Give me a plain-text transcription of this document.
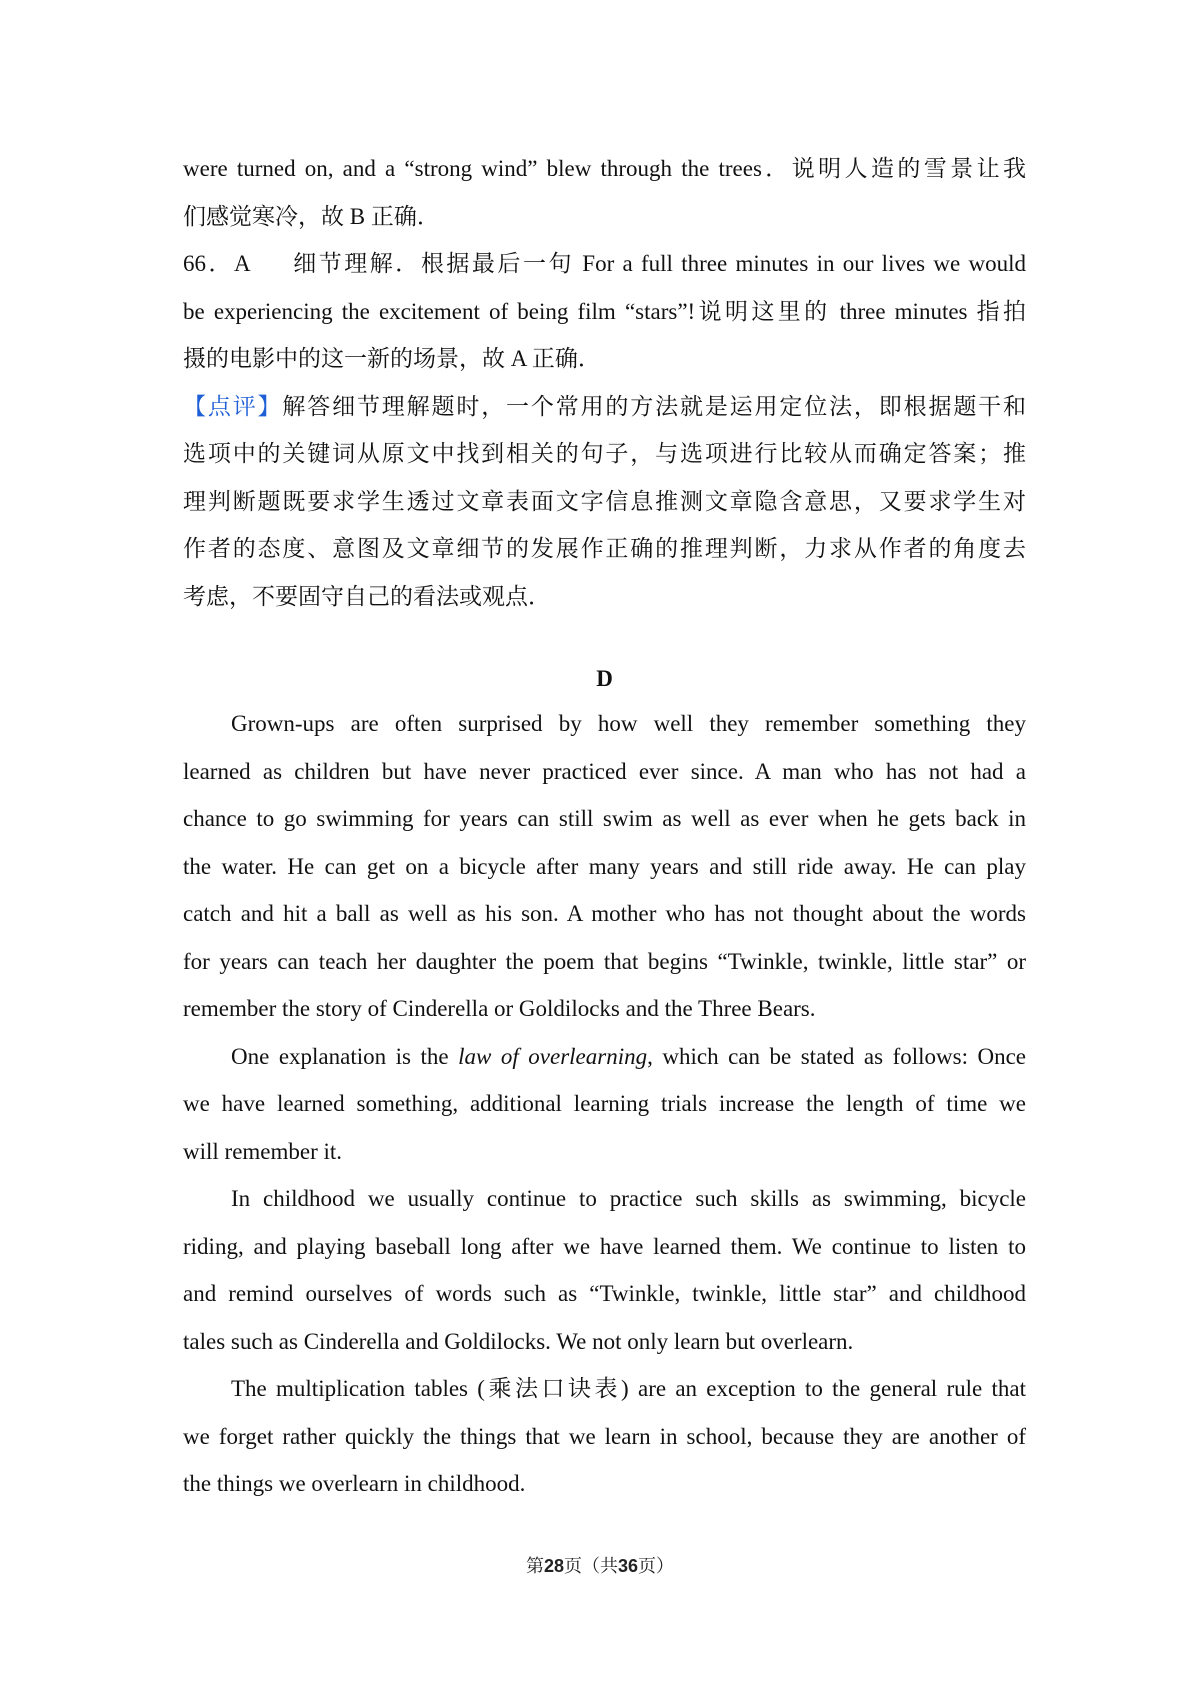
were turned on, and a “strong wind” blew through the trees．说明人造的雪景让我

们感觉寒冷，故 B 正确．

66．A 细节理解．根据最后一句 For a full three minutes in our lives we would

be experiencing the excitement of being film “stars”!说明这里的 three minutes 指拍

摄的电影中的这一新的场景，故 A 正确．

【点评】解答细节理解题时，一个常用的方法就是运用定位法，即根据题干和

选项中的关键词从原文中找到相关的句子，与选项进行比较从而确定答案；推

理判断题既要求学生透过文章表面文字信息推测文章隐含意思，又要求学生对

作者的态度、意图及文章细节的发展作正确的推理判断，力求从作者的角度去

考虑，不要固守自己的看法或观点．

D

Grown-ups are often surprised by how well they remember something they

learned as children but have never practiced ever since. A man who has not had a

chance to go swimming for years can still swim as well as ever when he gets back in

the water. He can get on a bicycle after many years and still ride away. He can play

catch and hit a ball as well as his son. A mother who has not thought about the words

for years can teach her daughter the poem that begins “Twinkle, twinkle, little star” or

remember the story of Cinderella or Goldilocks and the Three Bears.

One explanation is the law of overlearning, which can be stated as follows: Once

we have learned something, additional learning trials increase the length of time we

will remember it.

In childhood we usually continue to practice such skills as swimming, bicycle

riding, and playing baseball long after we have learned them. We continue to listen to

and remind ourselves of words such as “Twinkle, twinkle, little star” and childhood

tales such as Cinderella and Goldilocks. We not only learn but overlearn.

The multiplication tables (乘法口诀表) are an exception to the general rule that

we forget rather quickly the things that we learn in school, because they are another of

the things we overlearn in childhood.

第28页（共36页）
